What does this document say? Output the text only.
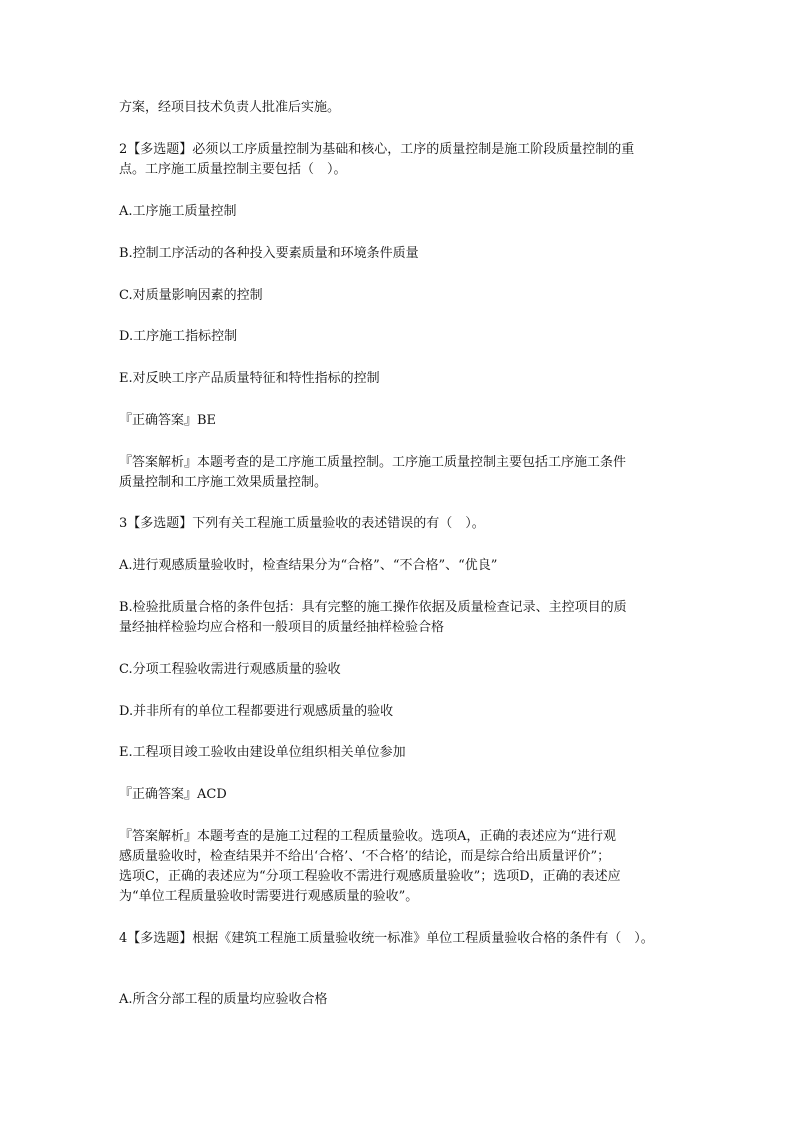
方案，经项目技术负责人批准后实施。
2【多选题】必须以工序质量控制为基础和核心，工序的质量控制是施工阶段质量控制的重
点。工序施工质量控制主要包括（　）。
A.工序施工质量控制
B.控制工序活动的各种投入要素质量和环境条件质量
C.对质量影响因素的控制
D.工序施工指标控制
E.对反映工序产品质量特征和特性指标的控制
『正确答案』BE
『答案解析』本题考查的是工序施工质量控制。工序施工质量控制主要包括工序施工条件
质量控制和工序施工效果质量控制。
3【多选题】下列有关工程施工质量验收的表述错误的有（　）。
A.进行观感质量验收时，检查结果分为“合格”、“不合格”、“优良”
B.检验批质量合格的条件包括：具有完整的施工操作依据及质量检查记录、主控项目的质
量经抽样检验均应合格和一般项目的质量经抽样检验合格
C.分项工程验收需进行观感质量的验收
D.并非所有的单位工程都要进行观感质量的验收
E.工程项目竣工验收由建设单位组织相关单位参加
『正确答案』ACD
『答案解析』本题考查的是施工过程的工程质量验收。选项A，正确的表述应为“进行观
感质量验收时，检查结果并不给出‘合格’、‘不合格’的结论，而是综合给出质量评价”；
选项C，正确的表述应为“分项工程验收不需进行观感质量验收”；选项D，正确的表述应
为“单位工程质量验收时需要进行观感质量的验收”。
4【多选题】根据《建筑工程施工质量验收统一标准》单位工程质量验收合格的条件有（　）。
A.所含分部工程的质量均应验收合格
